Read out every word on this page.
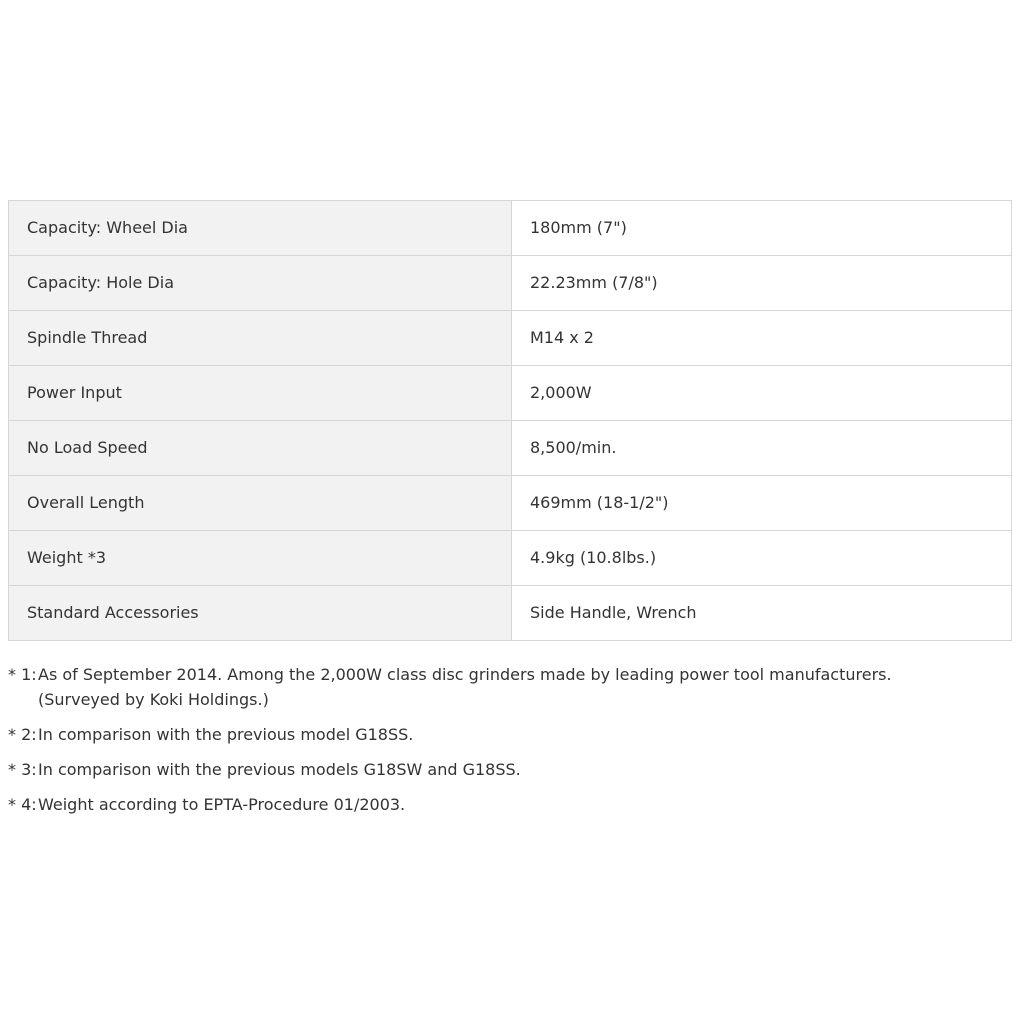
Capacity: Wheel Dia	180mm (7")
Capacity: Hole Dia	22.23mm (7/8")
Spindle Thread	M14 x 2
Power Input	2,000W
No Load Speed	8,500/min.
Overall Length	469mm (18-1/2")
Weight *3	4.9kg (10.8lbs.)
Standard Accessories	Side Handle, Wrench
* 1: As of September 2014. Among the 2,000W class disc grinders made by leading power tool manufacturers. (Surveyed by Koki Holdings.)
* 2: In comparison with the previous model G18SS.
* 3: In comparison with the previous models G18SW and G18SS.
* 4: Weight according to EPTA-Procedure 01/2003.
